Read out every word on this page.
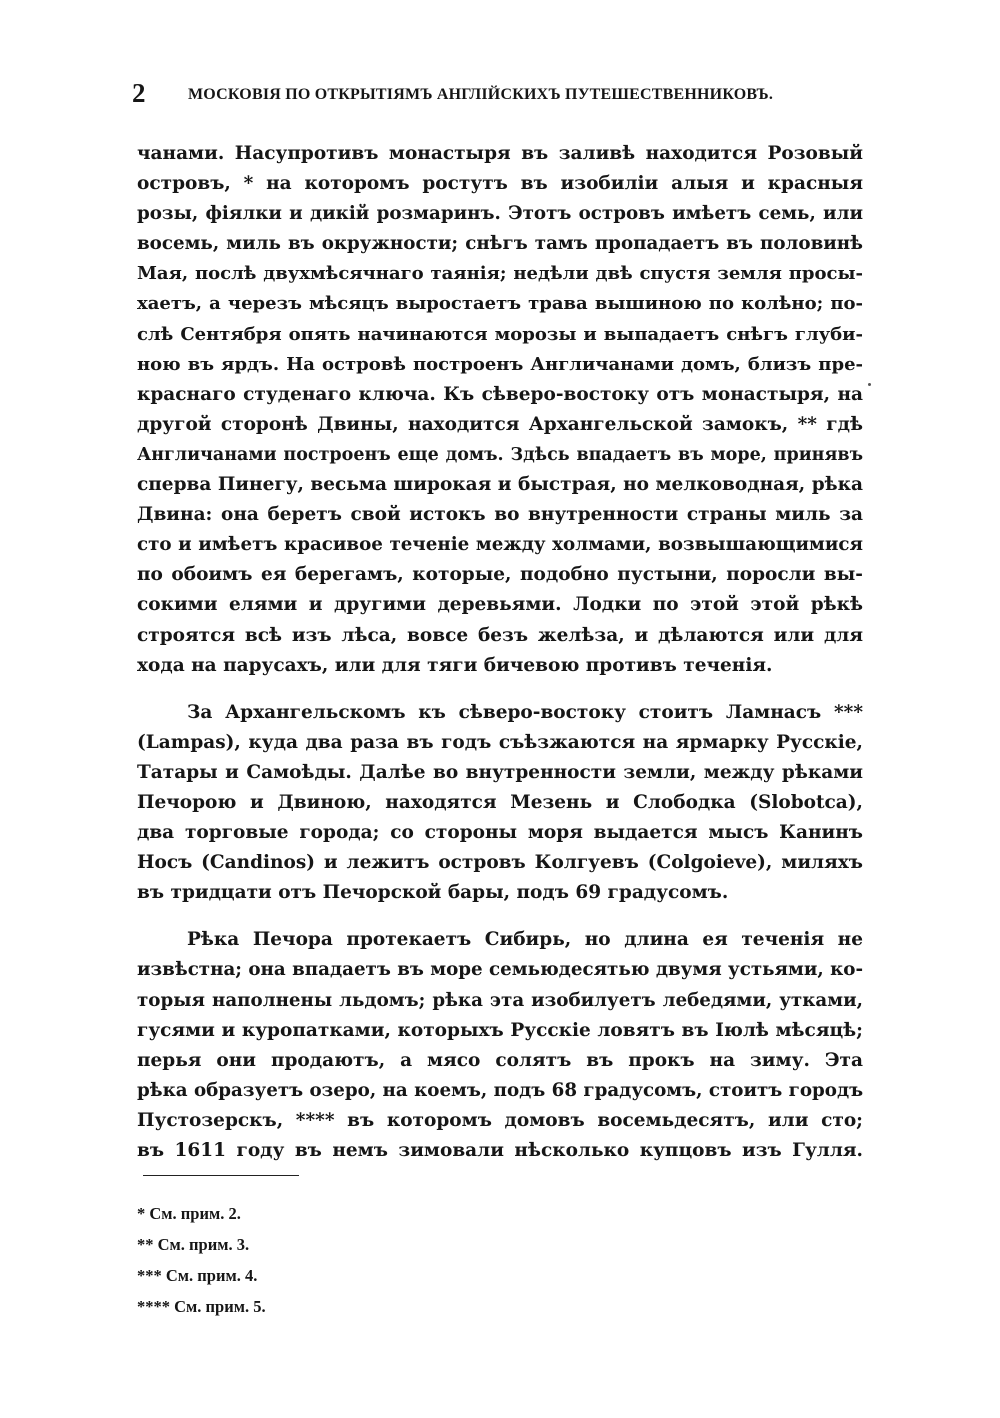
2	МОСКОВІЯ ПО ОТКРЫТІЯМЪ АНГЛІЙСКИХЪ ПУТЕШЕСТВЕННИКОВЪ.
чанами. Насупротивъ монастыря въ заливѣ находится Розовый
островъ, * на которомъ ростутъ въ изобиліи алыя и красныя
розы, фіялки и дикій розмаринъ. Этотъ островъ имѣетъ семь, или
восемь, миль въ окружности; снѣгъ тамъ пропадаетъ въ половинѣ
Мая, послѣ двухмѣсячнаго таянія; недѣли двѣ спустя земля просы-
хаетъ, а черезъ мѣсяцъ выростаетъ трава вышиною по колѣно; по-
слѣ Сентября опять начинаются морозы и выпадаетъ снѣгъ глуби-
ною въ ярдъ. На островѣ построенъ Англичанами домъ, близъ пре-
краснаго студенаго ключа. Къ сѣверо-востоку отъ монастыря, на
другой сторонѣ Двины, находится Архангельской замокъ, ** гдѣ
Англичанами построенъ еще домъ. Здѣсь впадаетъ въ море, принявъ
сперва Пинегу, весьма широкая и быстрая, но мелководная, рѣка
Двина: она беретъ свой истокъ во внутренности страны миль за
сто и имѣетъ красивое теченіе между холмами, возвышающимися
по обоимъ ея берегамъ, которые, подобно пустыни, поросли вы-
сокими елями и другими деревьями. Лодки по этой этой рѣкѣ
строятся всѣ изъ лѣса, вовсе безъ желѣза, и дѣлаются или для
хода на парусахъ, или для тяги бичевою противъ теченія.
За Архангельскомъ къ сѣверо-востоку стоитъ Ламнасъ ***
(Lampas), куда два раза въ годъ съѣзжаются на ярмарку Русскіе,
Татары и Самоѣды. Далѣе во внутренности земли, между рѣками
Печорою и Двиною, находятся Мезень и Слободка (Slobotca),
два торговые города; со стороны моря выдается мысъ Канинъ
Носъ (Candinos) и лежитъ островъ Колгуевъ (Colgoieve), миляхъ
въ тридцати отъ Печорской бары, подъ 69 градусомъ.
Рѣка Печора протекаетъ Сибирь, но длина ея теченія не
извѣстна; она впадаетъ въ море семьюдесятью двумя устьями, ко-
торыя наполнены льдомъ; рѣка эта изобилуетъ лебедями, утками,
гусями и куропатками, которыхъ Русскіе ловятъ въ Іюлѣ мѣсяцѣ;
перья они продаютъ, а мясо солятъ въ прокъ на зиму. Эта
рѣка образуетъ озеро, на коемъ, подъ 68 градусомъ, стоитъ городъ
Пустозерскъ, **** въ которомъ домовъ восемьдесятъ, или сто;
въ 1611 году въ немъ зимовали нѣсколько купцовъ изъ Гулля.
* См. прим. 2.
** См. прим. 3.
*** См. прим. 4.
**** См. прим. 5.
